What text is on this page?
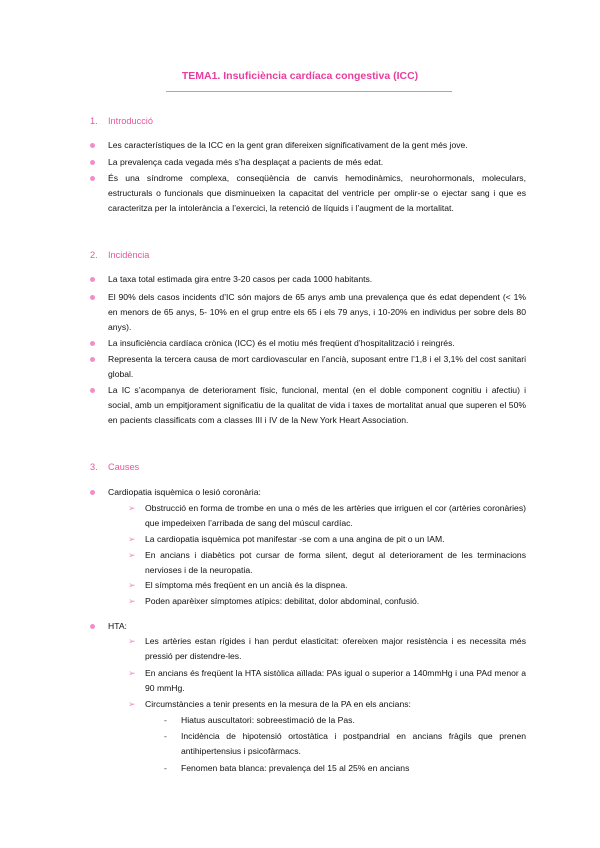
TEMA1. Insuficiència cardíaca congestiva (ICC)
1. Introducció
Les característiques de la ICC en la gent gran difereixen significativament de la gent més jove.
La prevalença cada vegada més s’ha desplaçat a pacients de més edat.
És una síndrome complexa, conseqüència de canvis hemodinàmics, neurohormonals, moleculars, estructurals o funcionals que disminueixen la capacitat del ventricle per omplir-se o ejectar sang i que es caracteritza per la intolerància a l’exercici, la retenció de líquids i l’augment de la mortalitat.
2. Incidència
La taxa total estimada gira entre 3-20 casos per cada 1000 habitants.
El 90% dels casos incidents d’IC són majors de 65 anys amb una prevalença que és edat dependent (< 1% en menors de 65 anys, 5- 10% en el grup entre els 65 i els 79 anys, i 10-20% en individus per sobre dels 80 anys).
La insuficiència cardíaca crònica (ICC) és el motiu més freqüent d’hospitalització i reingrés.
Representa la tercera causa de mort cardiovascular en l’ancià, suposant entre l’1,8 i el 3,1% del cost sanitari global.
La IC s’acompanya de deteriorament físic, funcional, mental (en el doble component cognitiu i afectiu) i social, amb un empitjorament significatiu de la qualitat de vida i taxes de mortalitat anual que superen el 50% en pacients classificats com a classes III i IV de la New York Heart Association.
3. Causes
Cardiopatia isquèmica o lesió coronària:
➢ Obstrucció en forma de trombe en una o més de les artèries que irriguen el cor (artèries coronàries) que impedeixen l’arribada de sang del múscul cardíac.
➢ La cardiopatia isquèmica pot manifestar -se com a una angina de pit o un IAM.
➢ En ancians i diabètics pot cursar de forma silent, degut al deteriorament de les terminacions nervioses i de la neuropatia.
➢ El símptoma més freqüent en un ancià és la dispnea.
➢ Poden aparèixer símptomes atípics: debilitat, dolor abdominal, confusió.
HTA:
➢ Les artèries estan rígides i han perdut elasticitat: ofereixen major resistència i es necessita més pressió per distendre-les.
➢ En ancians és freqüent la HTA sistòlica aïllada: PAs igual o superior a 140mmHg i una PAd menor a 90 mmHg.
➢ Circumstàncies a tenir presents en la mesura de la PA en els ancians:
- Hiatus auscultatori: sobreestimació de la Pas.
- Incidència de hipotensió ortostàtica i postpandrial en ancians fràgils que prenen antihipertensius i psicofàrmacs.
- Fenomen bata blanca: prevalença del 15 al 25% en ancians
